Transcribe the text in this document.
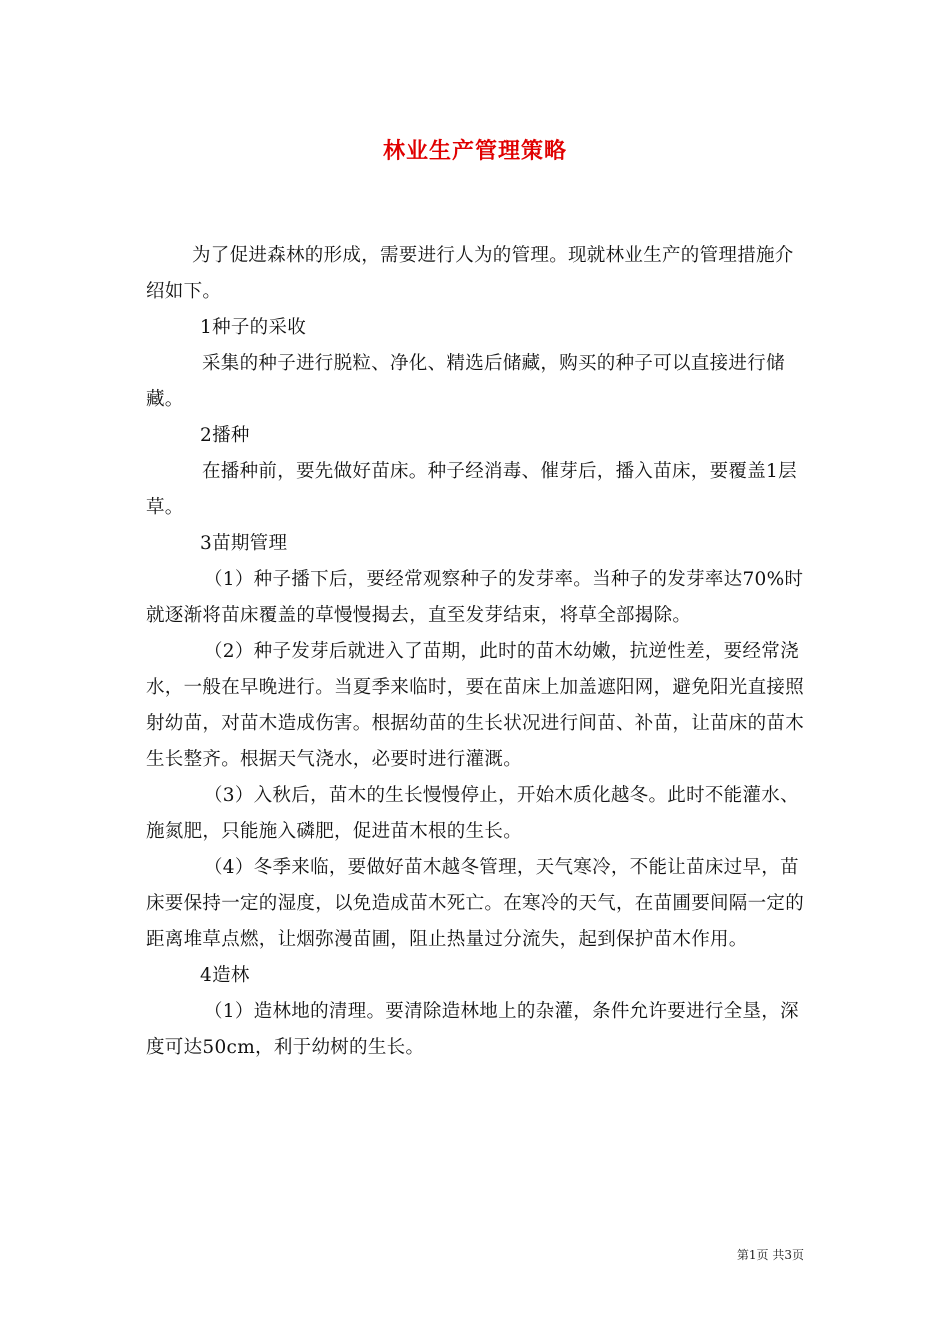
林业生产管理策略

为了促进森林的形成，需要进行人为的管理。现就林业生产的管理措施介绍如下。

1种子的采收

采集的种子进行脱粒、净化、精选后储藏，购买的种子可以直接进行储藏。

2播种

在播种前，要先做好苗床。种子经消毒、催芽后，播入苗床，要覆盖1层草。

3苗期管理

（1）种子播下后，要经常观察种子的发芽率。当种子的发芽率达70%时就逐渐将苗床覆盖的草慢慢揭去，直至发芽结束，将草全部揭除。

（2）种子发芽后就进入了苗期，此时的苗木幼嫩，抗逆性差，要经常浇水，一般在早晚进行。当夏季来临时，要在苗床上加盖遮阳网，避免阳光直接照射幼苗，对苗木造成伤害。根据幼苗的生长状况进行间苗、补苗，让苗床的苗木生长整齐。根据天气浇水，必要时进行灌溉。

（3）入秋后，苗木的生长慢慢停止，开始木质化越冬。此时不能灌水、施氮肥，只能施入磷肥，促进苗木根的生长。

（4）冬季来临，要做好苗木越冬管理，天气寒冷，不能让苗床过早，苗床要保持一定的湿度，以免造成苗木死亡。在寒冷的天气，在苗圃要间隔一定的距离堆草点燃，让烟弥漫苗圃，阻止热量过分流失，起到保护苗木作用。

4造林

（1）造林地的清理。要清除造林地上的杂灌，条件允许要进行全垦，深度可达50cm，利于幼树的生长。

第1页 共3页
